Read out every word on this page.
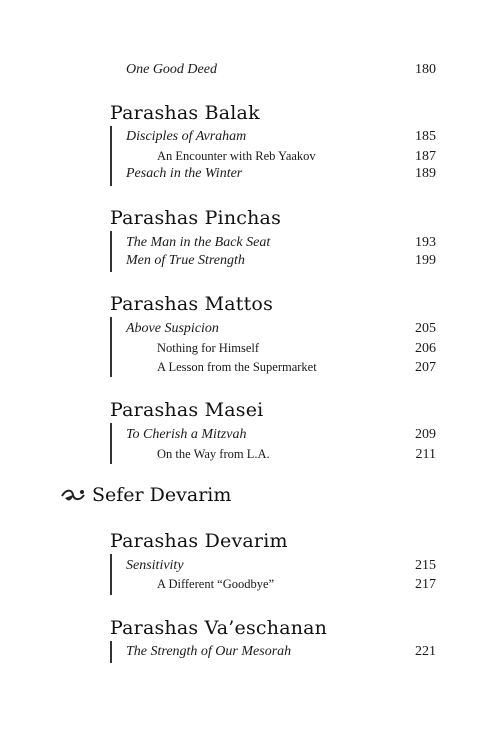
One Good Deed	180
Parashas Balak
Disciples of Avraham	185
An Encounter with Reb Yaakov	187
Pesach in the Winter	189
Parashas Pinchas
The Man in the Back Seat	193
Men of True Strength	199
Parashas Mattos
Above Suspicion	205
Nothing for Himself	206
A Lesson from the Supermarket	207
Parashas Masei
To Cherish a Mitzvah	209
On the Way from L.A.	211
Sefer Devarim
Parashas Devarim
Sensitivity	215
A Different “Goodbye”	217
Parashas Va’eschanan
The Strength of Our Mesorah	221
